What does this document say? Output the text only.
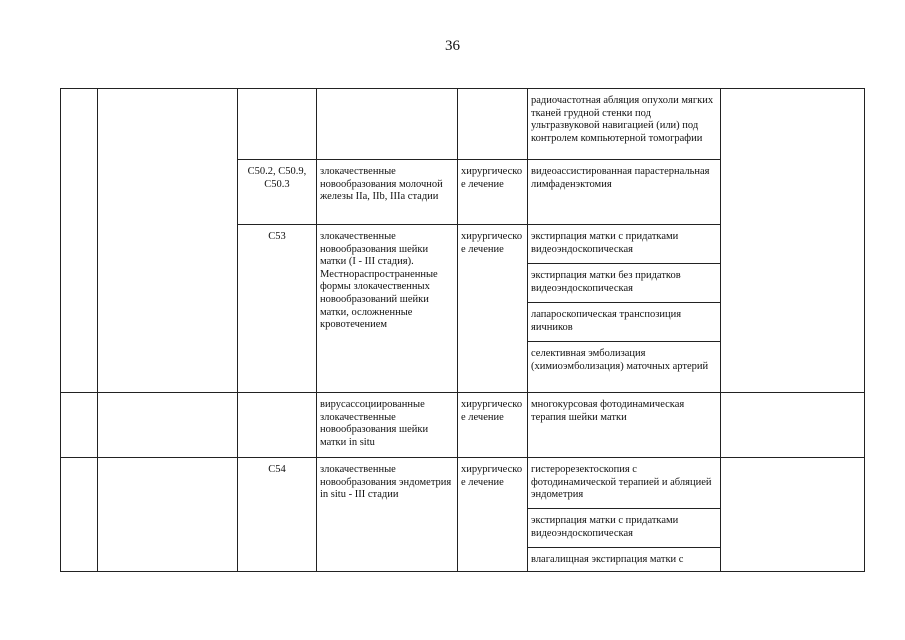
36
					радиочастотная абляция опухоли мягких тканей грудной стенки под ультразвуковой навигацией (или) под контролем компьютерной томографии	
		C50.2, C50.9, C50.3	злокачественные новообразования молочной железы IIa, IIb, IIIa стадии	хирургическое лечение	видеоассистированная парастернальная лимфаденэктомия	
		C53	злокачественные новообразования шейки матки (I - III стадия). Местнораспространенные формы злокачественных новообразований шейки матки, осложненные кровотечением	хирургическое лечение	экстирпация матки с придатками видеоэндоскопическая	
					экстирпация матки без придатков видеоэндоскопическая	
					лапароскопическая транспозиция яичников	
					селективная эмболизация (химиоэмболизация) маточных артерий	
			вирусассоциированные злокачественные новообразования шейки матки in situ	хирургическое лечение	многокурсовая фотодинамическая терапия шейки матки	
		C54	злокачественные новообразования эндометрия in situ - III стадии	хирургическое лечение	гистерорезектоскопия с фотодинамической терапией и абляцией эндометрия	
					экстирпация матки с придатками видеоэндоскопическая	
					влагалищная экстирпация матки с	
